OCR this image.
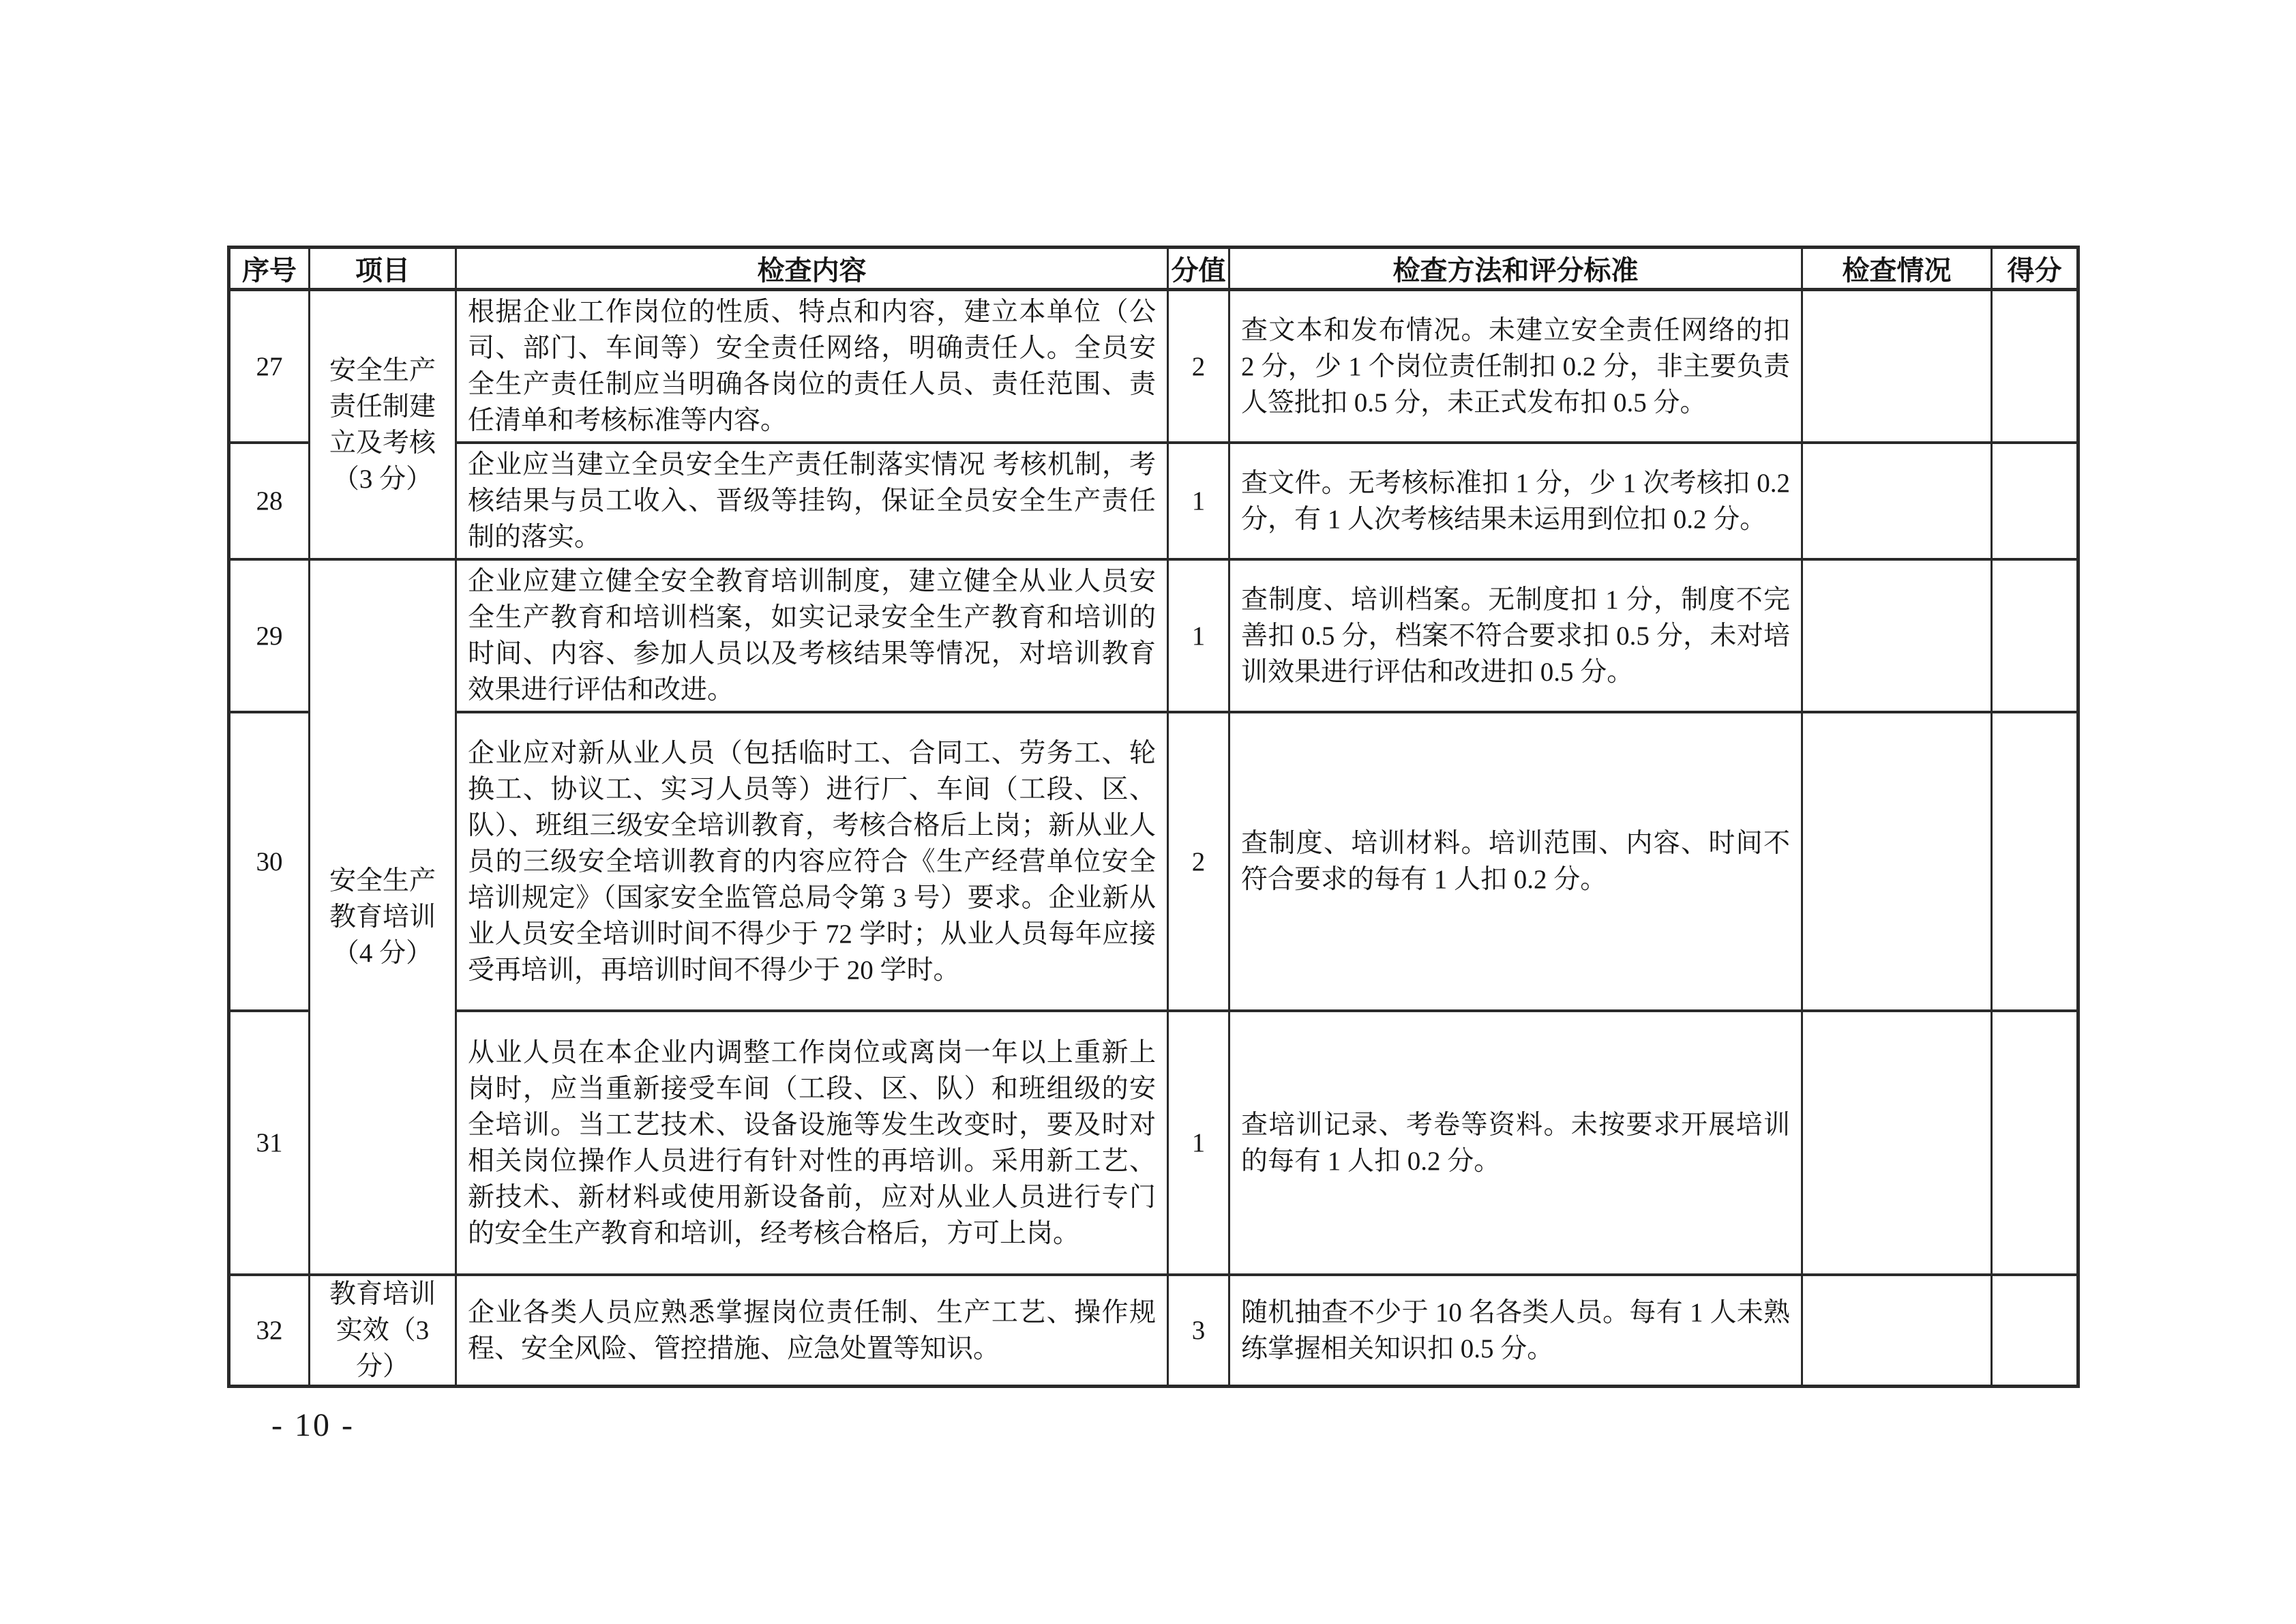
序号	项目	检查内容	分值	检查方法和评分标准	检查情况	得分
27	安全生产责任制建立及考核（3 分）	根据企业工作岗位的性质、特点和内容，建立本单位（公司、部门、车间等）安全责任网络，明确责任人。全员安全生产责任制应当明确各岗位的责任人员、责任范围、责任清单和考核标准等内容。	2	查文本和发布情况。未建立安全责任网络的扣 2 分，少 1 个岗位责任制扣 0.2 分，非主要负责人签批扣 0.5 分，未正式发布扣 0.5 分。		
28		企业应当建立全员安全生产责任制落实情况 考核机制，考核结果与员工收入、晋级等挂钩，保证全员安全生产责任制的落实。	1	查文件。无考核标准扣 1 分，少 1 次考核扣 0.2 分，有 1 人次考核结果未运用到位扣 0.2 分。		
29	安全生产教育培训（4 分）	企业应建立健全安全教育培训制度，建立健全从业人员安全生产教育和培训档案，如实记录安全生产教育和培训的时间、内容、参加人员以及考核结果等情况，对培训教育效果进行评估和改进。	1	查制度、培训档案。无制度扣 1 分，制度不完善扣 0.5 分，档案不符合要求扣 0.5 分，未对培训效果进行评估和改进扣 0.5 分。		
30		企业应对新从业人员（包括临时工、合同工、劳务工、轮换工、协议工、实习人员等）进行厂、车间（工段、区、队）、班组三级安全培训教育，考核合格后上岗；新从业人员的三级安全培训教育的内容应符合《生产经营单位安全培训规定》（国家安全监管总局令第 3 号）要求。企业新从业人员安全培训时间不得少于 72 学时；从业人员每年应接受再培训，再培训时间不得少于 20 学时。	2	查制度、培训材料。培训范围、内容、时间不符合要求的每有 1 人扣 0.2 分。		
31		从业人员在本企业内调整工作岗位或离岗一年以上重新上岗时，应当重新接受车间（工段、区、队）和班组级的安全培训。当工艺技术、设备设施等发生改变时，要及时对相关岗位操作人员进行有针对性的再培训。采用新工艺、新技术、新材料或使用新设备前，应对从业人员进行专门的安全生产教育和培训，经考核合格后，方可上岗。	1	查培训记录、考卷等资料。未按要求开展培训的每有 1 人扣 0.2 分。		
32	教育培训实效（3 分）	企业各类人员应熟悉掌握岗位责任制、生产工艺、操作规程、安全风险、管控措施、应急处置等知识。	3	随机抽查不少于 10 名各类人员。每有 1 人未熟练掌握相关知识扣 0.5 分。		
- 10 -
